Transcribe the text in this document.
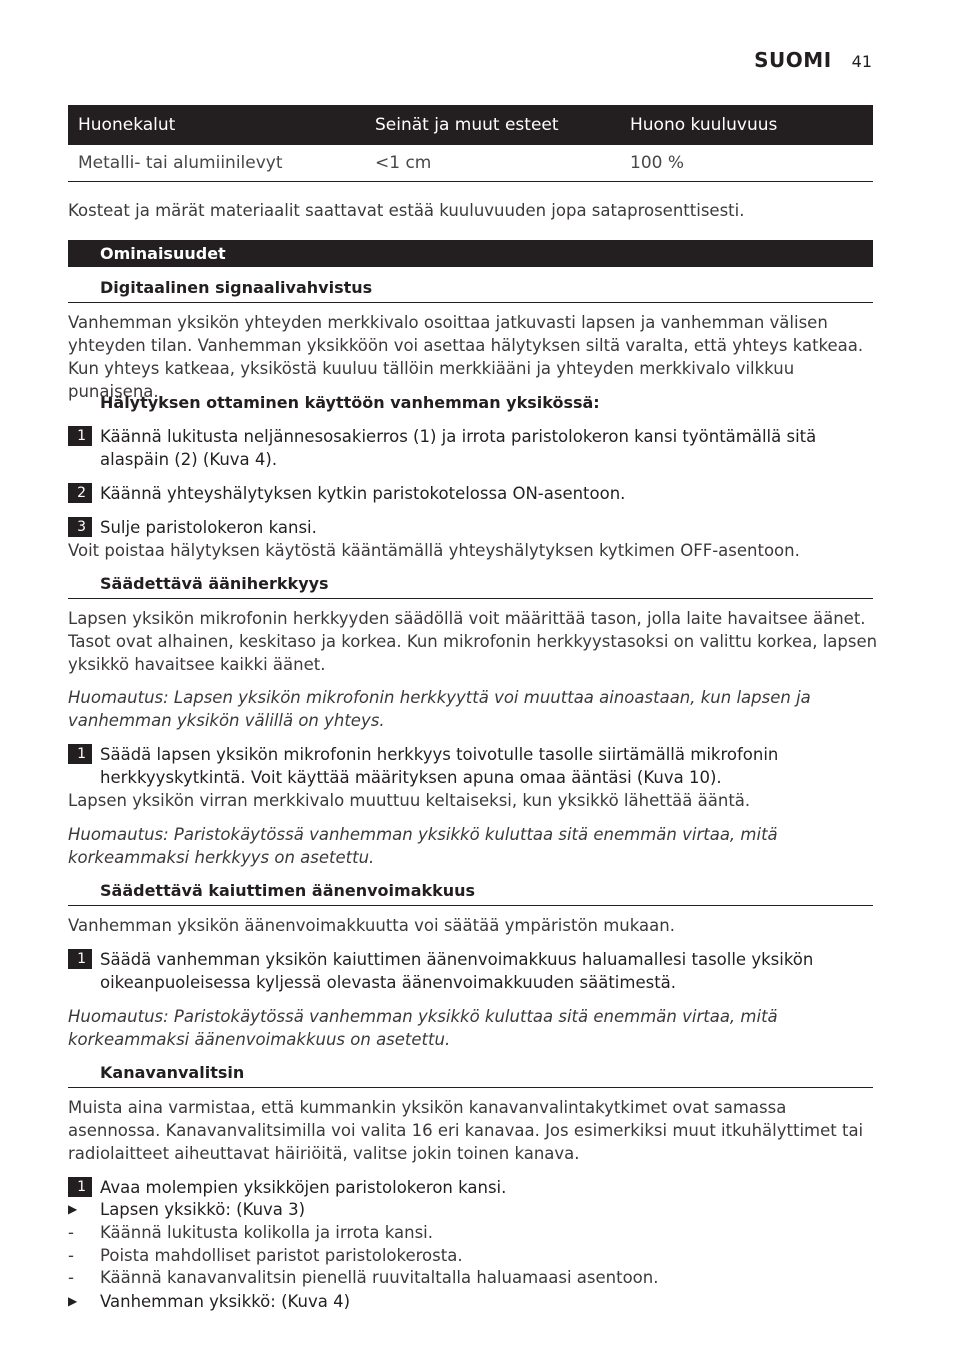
SUOMI 41
Huonekalut	Seinät ja muut esteet	Huono kuuluvuus
Metalli- tai alumiinilevyt	<1 cm	100 %
Kosteat ja märät materiaalit saattavat estää kuuluvuuden jopa sataprosenttisesti.
Ominaisuudet
Digitaalinen signaalivahvistus
Vanhemman yksikön yhteyden merkkivalo osoittaa jatkuvasti lapsen ja vanhemman välisen yhteyden tilan. Vanhemman yksikköön voi asettaa hälytyksen siltä varalta, että yhteys katkeaa. Kun yhteys katkeaa, yksiköstä kuuluu tällöin merkkiääni ja yhteyden merkkivalo vilkkuu punaisena.
Hälytyksen ottaminen käyttöön vanhemman yksikössä:
1 Käännä lukitusta neljännesosakierros (1) ja irrota paristolokeron kansi työntämällä sitä alaspäin (2) (Kuva 4).
2 Käännä yhteyshälytyksen kytkin paristokotelossa ON-asentoon.
3 Sulje paristolokeron kansi.
Voit poistaa hälytyksen käytöstä kääntämällä yhteyshälytyksen kytkimen OFF-asentoon.
Säädettävä ääniherkkyys
Lapsen yksikön mikrofonin herkkyyden säädöllä voit määrittää tason, jolla laite havaitsee äänet. Tasot ovat alhainen, keskitaso ja korkea. Kun mikrofonin herkkyystasoksi on valittu korkea, lapsen yksikkö havaitsee kaikki äänet.
Huomautus: Lapsen yksikön mikrofonin herkkyyttä voi muuttaa ainoastaan, kun lapsen ja vanhemman yksikön välillä on yhteys.
1 Säädä lapsen yksikön mikrofonin herkkyys toivotulle tasolle siirtämällä mikrofonin herkkyyskytkintä. Voit käyttää määrityksen apuna omaa ääntäsi (Kuva 10).
Lapsen yksikön virran merkkivalo muuttuu keltaiseksi, kun yksikkö lähettää ääntä.
Huomautus: Paristokäytössä vanhemman yksikkö kuluttaa sitä enemmän virtaa, mitä korkeammaksi herkkyys on asetettu.
Säädettävä kaiuttimen äänenvoimakkuus
Vanhemman yksikön äänenvoimakkuutta voi säätää ympäristön mukaan.
1 Säädä vanhemman yksikön kaiuttimen äänenvoimakkuus haluamallesi tasolle yksikön oikeanpuoleisessa kyljessä olevasta äänenvoimakkuuden säätimestä.
Huomautus: Paristokäytössä vanhemman yksikkö kuluttaa sitä enemmän virtaa, mitä korkeammaksi äänenvoimakkuus on asetettu.
Kanavanvalitsin
Muista aina varmistaa, että kummankin yksikön kanavanvalintakytkimet ovat samassa asennossa. Kanavanvalitsimilla voi valita 16 eri kanavaa. Jos esimerkiksi muut itkuhälyttimet tai radiolaitteet aiheuttavat häiriöitä, valitse jokin toinen kanava.
1 Avaa molempien yksikköjen paristolokeron kansi.
▶	Lapsen yksikkö: (Kuva 3)
-	Käännä lukitusta kolikolla ja irrota kansi.
-	Poista mahdolliset paristot paristolokerosta.
-	Käännä kanavanvalitsin pienellä ruuvitaltalla haluamaasi asentoon.
▶	Vanhemman yksikkö: (Kuva 4)
